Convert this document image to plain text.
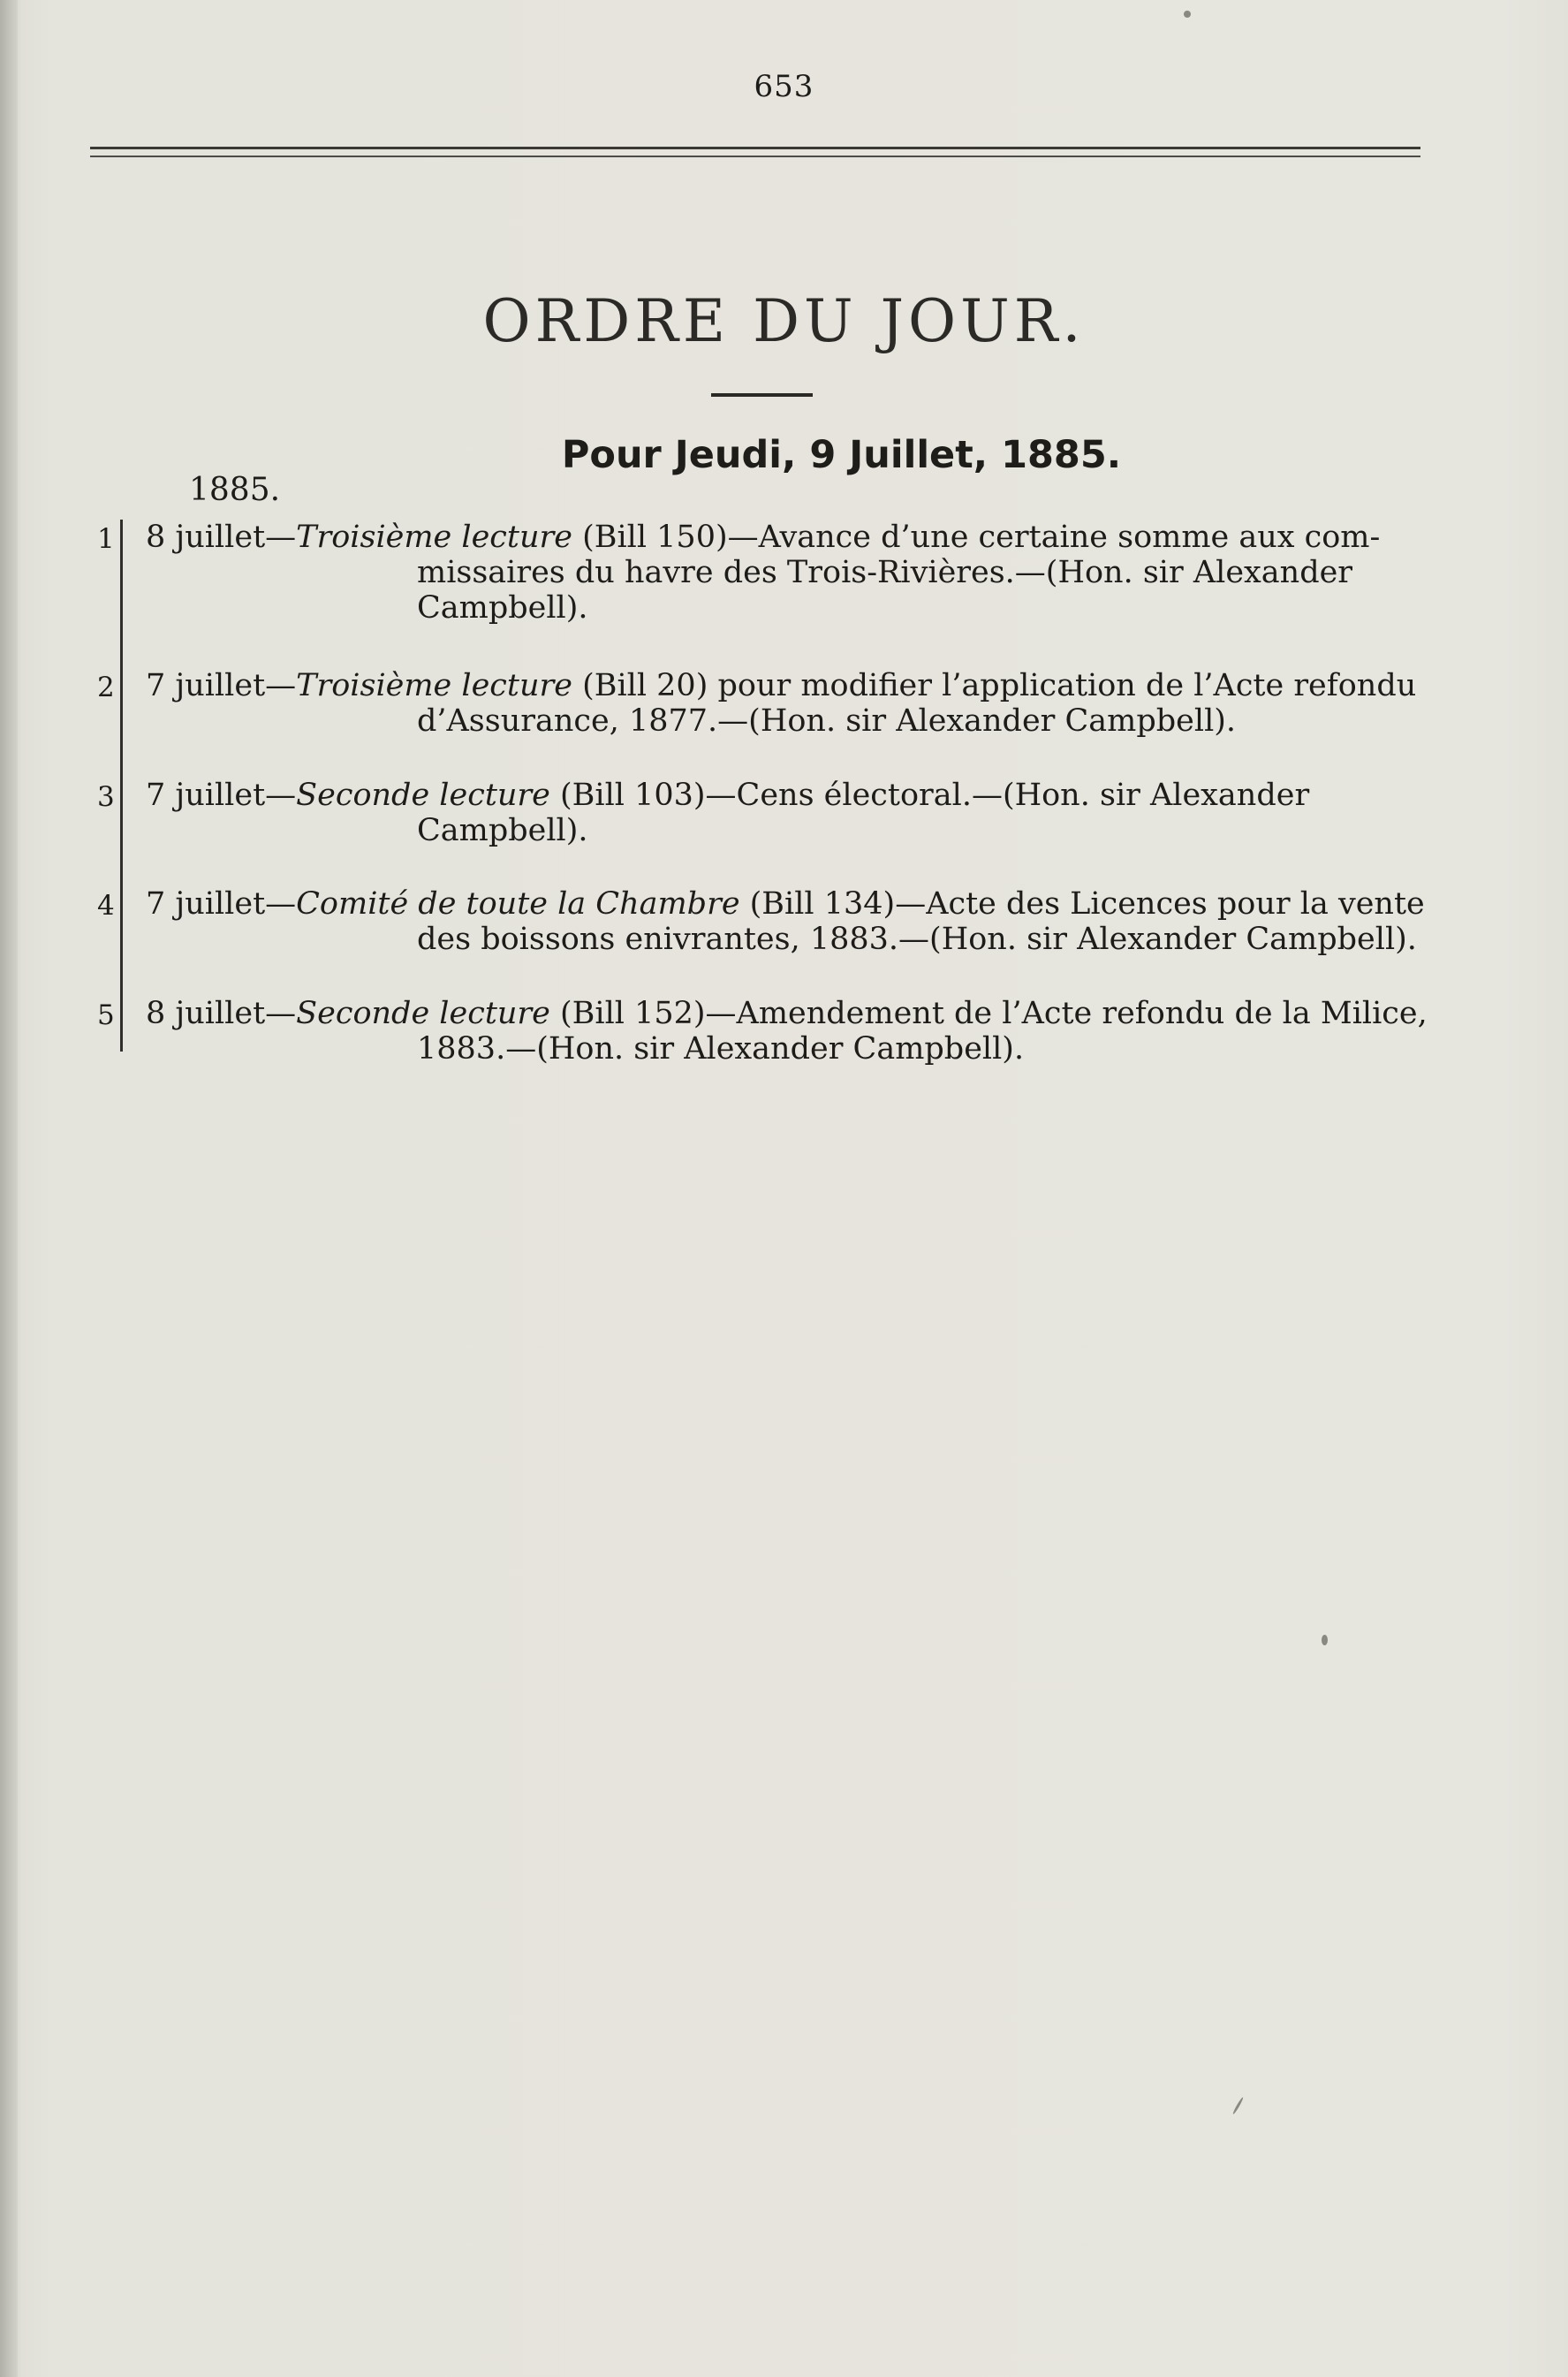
653
ORDRE DU JOUR.
Pour Jeudi, 9 Juillet, 1885.
1885.
1 8 juillet—Troisième lecture (Bill 150)—Avance d’une certaine somme aux com-
missaires du havre des Trois-Rivières.—(Hon. sir Alexander
Campbell).
2 7 juillet—Troisième lecture (Bill 20) pour modifier l’application de l’Acte refondu
d’Assurance, 1877.—(Hon. sir Alexander Campbell).
3 7 juillet—Seconde lecture (Bill 103)—Cens électoral.—(Hon. sir Alexander
Campbell).
4 7 juillet—Comité de toute la Chambre (Bill 134)—Acte des Licences pour la vente
des boissons enivrantes, 1883.—(Hon. sir Alexander Campbell).
5 8 juillet—Seconde lecture (Bill 152)—Amendement de l’Acte refondu de la Milice,
1883.—(Hon. sir Alexander Campbell).
